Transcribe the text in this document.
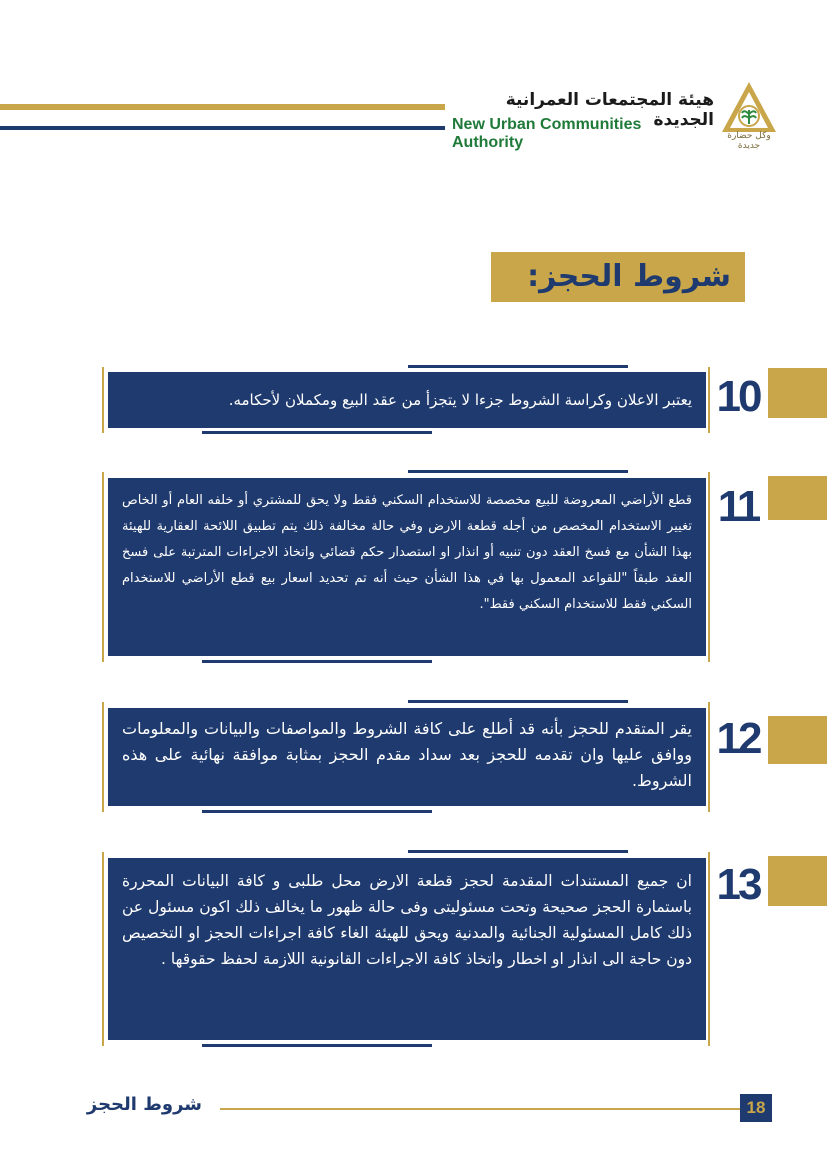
هيئة المجتمعات العمرانية الجديدة
New Urban Communities Authority	وكل حضارة جديدة
شروط الحجز:
يعتبر الاعلان وكراسة الشروط جزءا لا يتجزأ من عقد البيع ومكملان لأحكامه. 10
قطع الأراضي المعروضة للبيع مخصصة للاستخدام السكني فقط ولا يحق للمشتري أو خلفه العام أو الخاص تغيير الاستخدام المخصص من أجله قطعة الارض وفي حالة مخالفة ذلك يتم تطبيق اللائحة العقارية للهيئة بهذا الشأن مع فسخ العقد دون تنبيه أو انذار او استصدار حكم قضائي واتخاذ الاجراءات المترتبة على فسخ العقد طبقاً "للقواعد المعمول بها في هذا الشأن حيث أنه تم تحديد اسعار بيع قطع الأراضي للاستخدام السكني فقط للاستخدام السكني فقط".
11
يقر المتقدم للحجز بأنه قد أطلع على كافة الشروط والمواصفات والبيانات والمعلومات ووافق عليها وان تقدمه للحجز بعد سداد مقدم الحجز بمثابة موافقة نهائية على هذه الشروط.
12
ان جميع المستندات المقدمة لحجز قطعة الارض محل طلبى و كافة البيانات المحررة باستمارة الحجز صحيحة وتحت مسئوليتى وفى حالة ظهور ما يخالف ذلك اكون مسئول عن ذلك كامل المسئولية الجنائية والمدنية ويحق للهيئة الغاء كافة اجراءات الحجز او التخصيص دون حاجة الى انذار او اخطار واتخاذ كافة الاجراءات القانونية اللازمة لحفظ حقوقها .
13
شروط الحجز	18
